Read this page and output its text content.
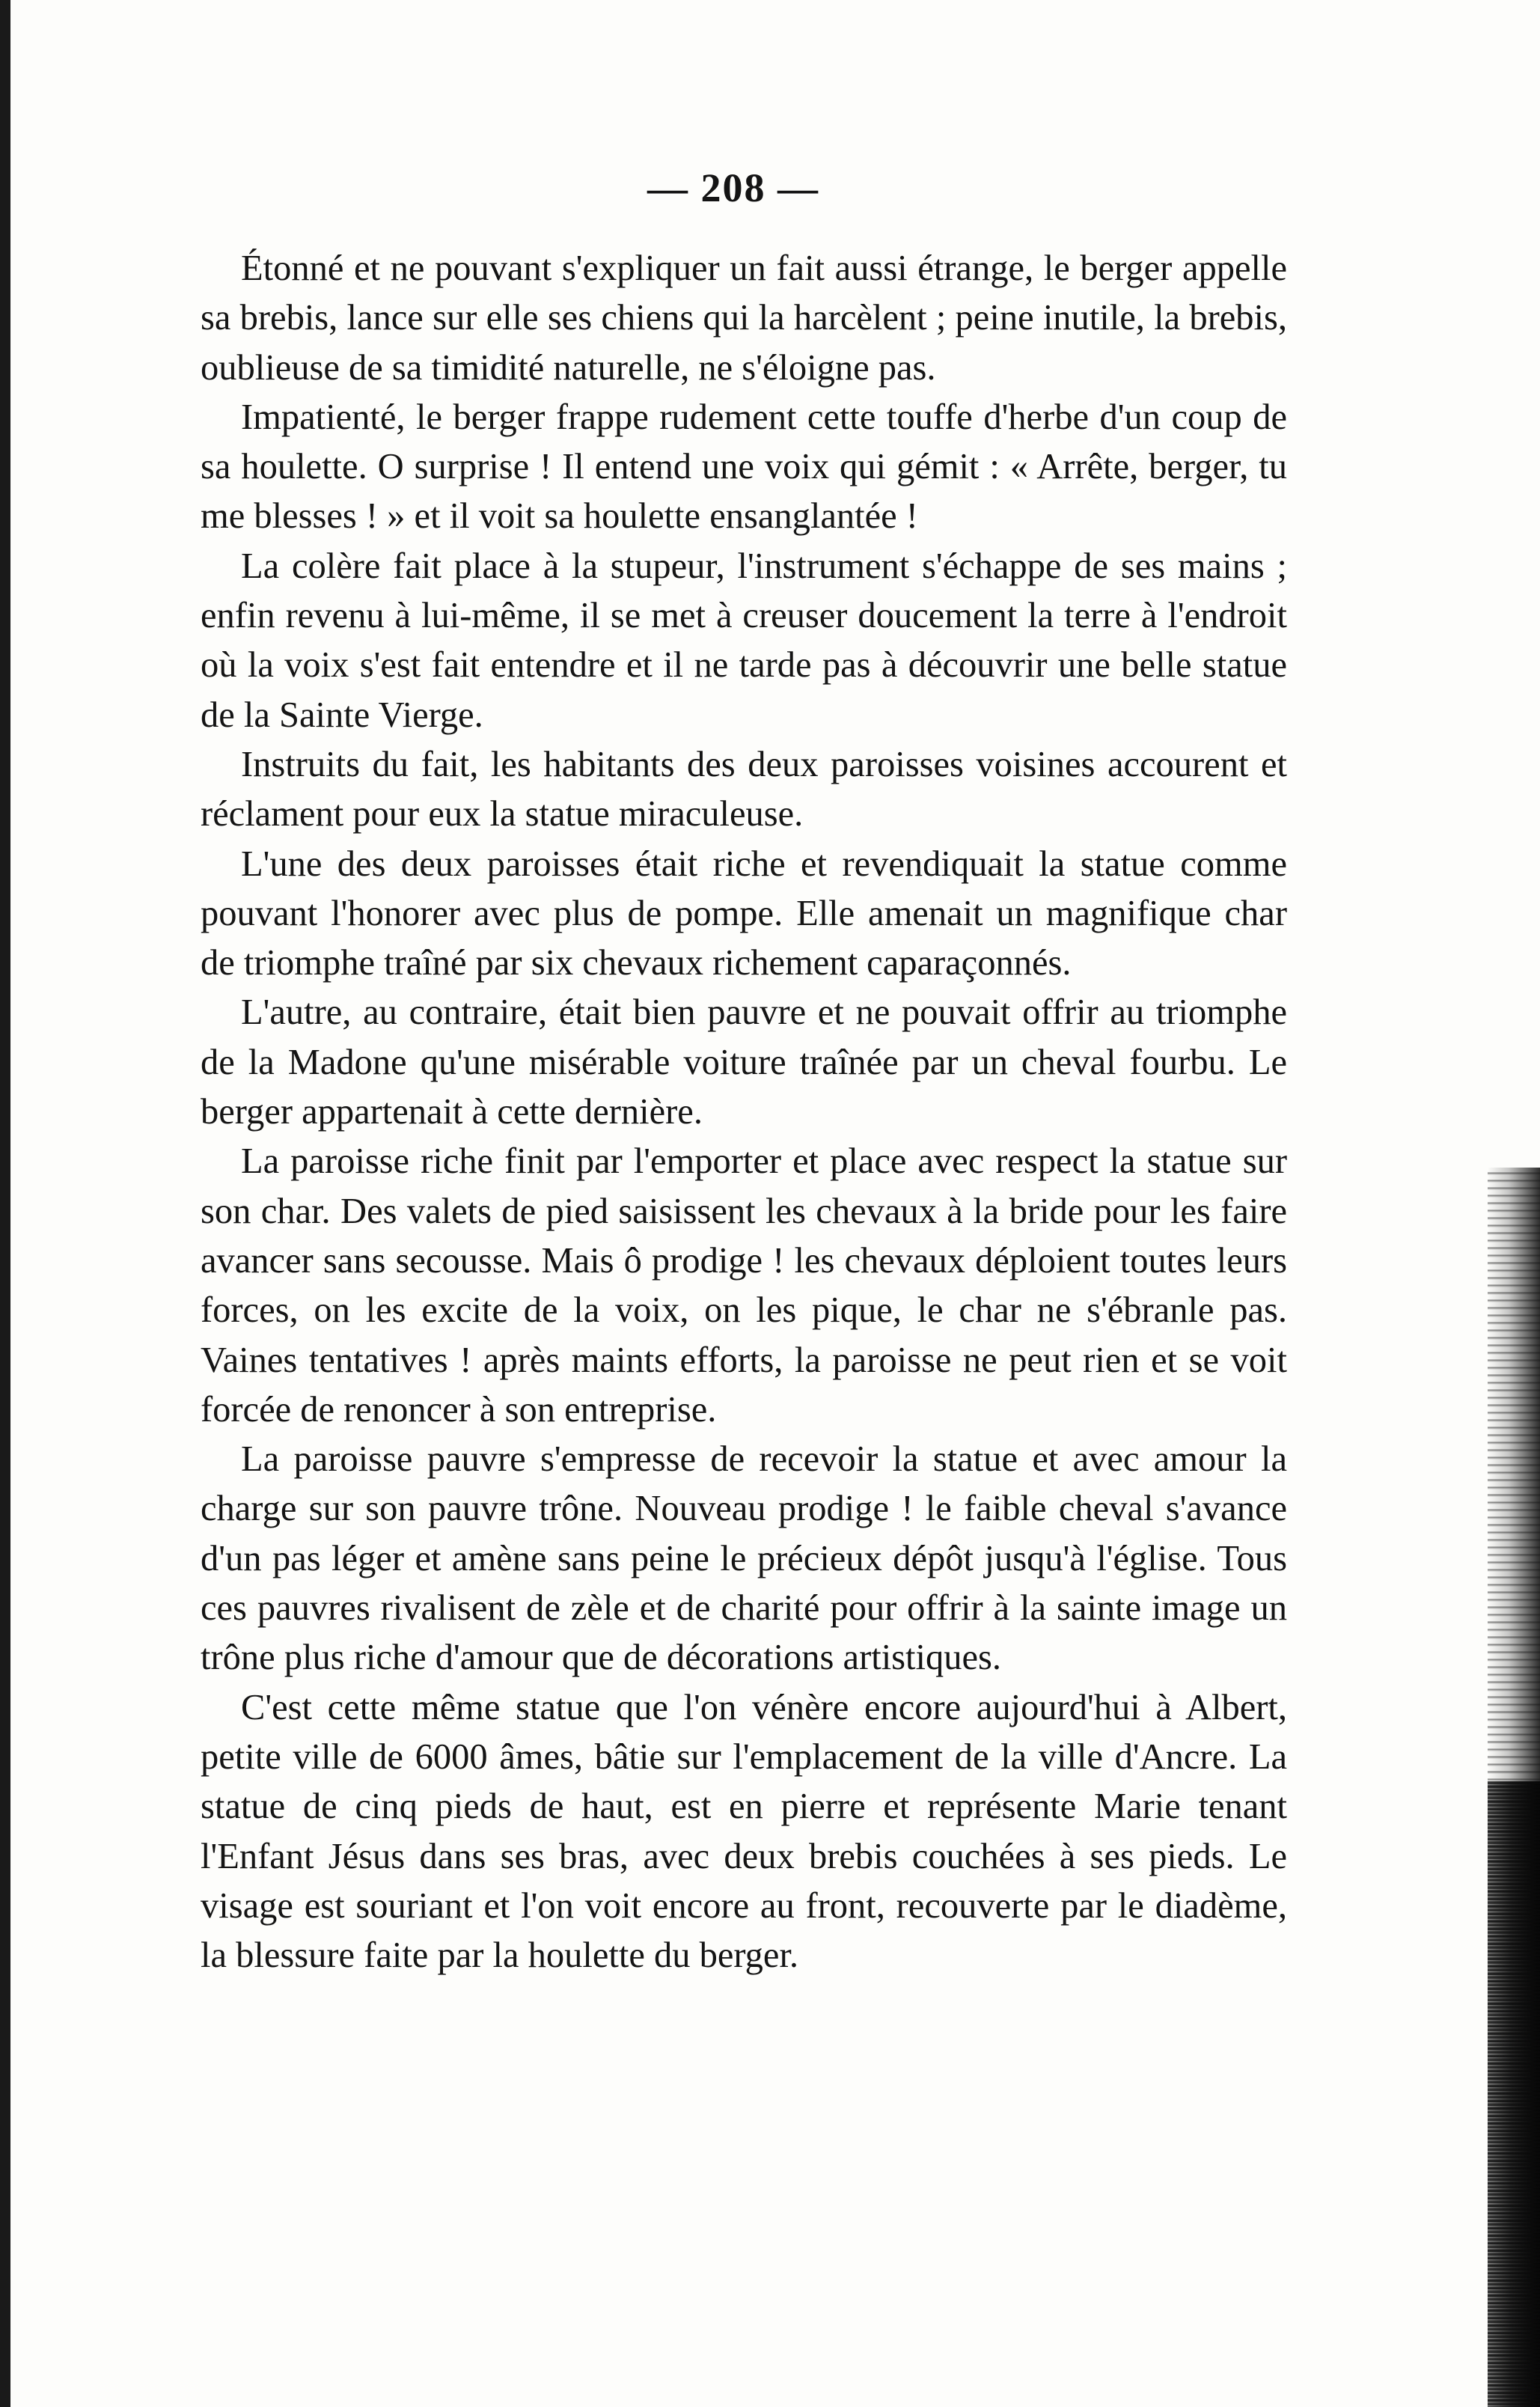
— 208 —

Étonné et ne pouvant s'expliquer un fait aussi étrange, le berger appelle sa brebis, lance sur elle ses chiens qui la harcèlent ; peine inutile, la brebis, oublieuse de sa timidité naturelle, ne s'éloigne pas.

Impatienté, le berger frappe rudement cette touffe d'herbe d'un coup de sa houlette. O surprise ! Il entend une voix qui gémit : « Arrête, berger, tu me blesses ! » et il voit sa houlette ensanglantée !

La colère fait place à la stupeur, l'instrument s'échappe de ses mains ; enfin revenu à lui-même, il se met à creuser doucement la terre à l'endroit où la voix s'est fait entendre et il ne tarde pas à découvrir une belle statue de la Sainte Vierge.

Instruits du fait, les habitants des deux paroisses voisines accourent et réclament pour eux la statue miraculeuse.

L'une des deux paroisses était riche et revendiquait la statue comme pouvant l'honorer avec plus de pompe. Elle amenait un magnifique char de triomphe traîné par six chevaux richement caparaçonnés.

L'autre, au contraire, était bien pauvre et ne pouvait offrir au triomphe de la Madone qu'une misérable voiture traînée par un cheval fourbu. Le berger appartenait à cette dernière.

La paroisse riche finit par l'emporter et place avec respect la statue sur son char. Des valets de pied saisissent les chevaux à la bride pour les faire avancer sans secousse. Mais ô prodige ! les chevaux déploient toutes leurs forces, on les excite de la voix, on les pique, le char ne s'ébranle pas. Vaines tentatives ! après maints efforts, la paroisse ne peut rien et se voit forcée de renoncer à son entreprise.

La paroisse pauvre s'empresse de recevoir la statue et avec amour la charge sur son pauvre trône. Nouveau prodige ! le faible cheval s'avance d'un pas léger et amène sans peine le précieux dépôt jusqu'à l'église. Tous ces pauvres rivalisent de zèle et de charité pour offrir à la sainte image un trône plus riche d'amour que de décorations artistiques.

C'est cette même statue que l'on vénère encore aujourd'hui à Albert, petite ville de 6000 âmes, bâtie sur l'emplacement de la ville d'Ancre. La statue de cinq pieds de haut, est en pierre et représente Marie tenant l'Enfant Jésus dans ses bras, avec deux brebis couchées à ses pieds. Le visage est souriant et l'on voit encore au front, recouverte par le diadème, la blessure faite par la houlette du berger.
